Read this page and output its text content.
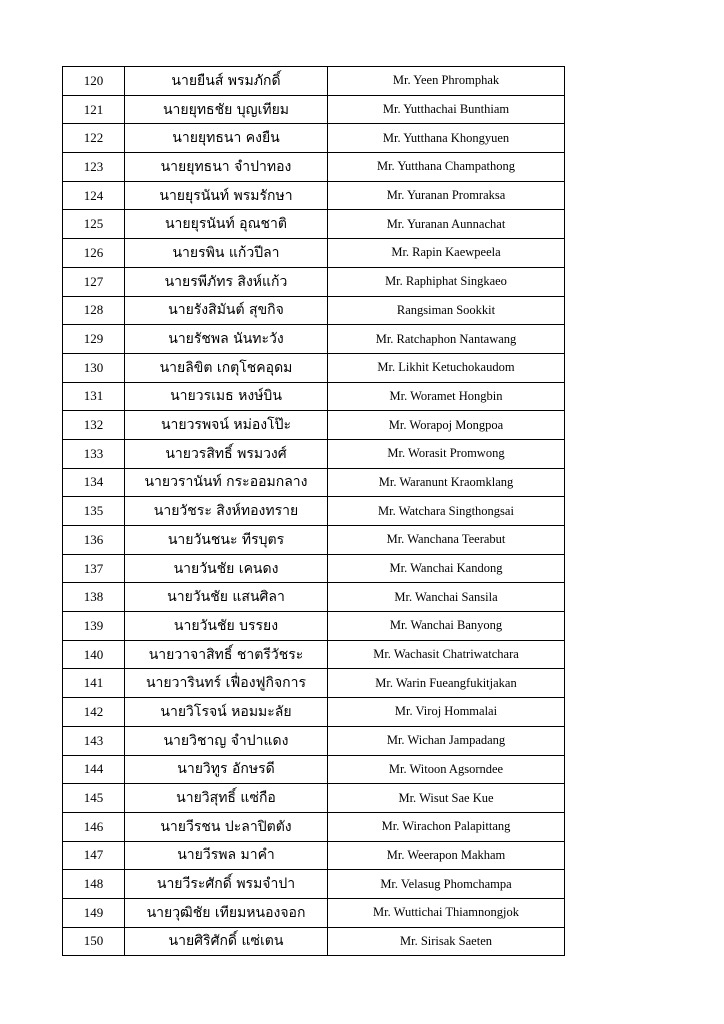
120	นายยืนส์ พรมภักดิ์	Mr. Yeen Phromphak
121	นายยุทธชัย บุญเทียม	Mr. Yutthachai Bunthiam
122	นายยุทธนา คงยืน	Mr. Yutthana Khongyuen
123	นายยุทธนา จำปาทอง	Mr. Yutthana Champathong
124	นายยุรนันท์ พรมรักษา	Mr. Yuranan Promraksa
125	นายยุรนันท์ อุณชาติ	Mr. Yuranan Aunnachat
126	นายรพิน แก้วปีลา	Mr. Rapin Kaewpeela
127	นายรพีภัทร สิงห์แก้ว	Mr. Raphiphat Singkaeo
128	นายรังสิมันต์ สุขกิจ	Rangsiman Sookkit
129	นายรัชพล นันทะวัง	Mr. Ratchaphon Nantawang
130	นายลิขิต เกตุโชคอุดม	Mr. Likhit Ketuchokaudom
131	นายวรเมธ หงษ์บิน	Mr. Woramet Hongbin
132	นายวรพจน์ หม่องโป๊ะ	Mr. Worapoj Mongpoa
133	นายวรสิทธิ์ พรมวงศ์	Mr. Worasit Promwong
134	นายวรานันท์ กระออมกลาง	Mr. Waranunt Kraomklang
135	นายวัชระ สิงห์ทองทราย	Mr. Watchara Singthongsai
136	นายวันชนะ ทีรบุตร	Mr. Wanchana Teerabut
137	นายวันชัย เคนดง	Mr. Wanchai Kandong
138	นายวันชัย แสนศิลา	Mr. Wanchai Sansila
139	นายวันชัย บรรยง	Mr. Wanchai Banyong
140	นายวาจาสิทธิ์ ชาตรีวัชระ	Mr. Wachasit Chatriwatchara
141	นายวารินทร์ เฟื่องฟูกิจการ	Mr. Warin Fueangfukitjakan
142	นายวิโรจน์ หอมมะลัย	Mr. Viroj Hommalai
143	นายวิชาญ จำปาแดง	Mr. Wichan Jampadang
144	นายวิทูร อักษรดี	Mr. Witoon Agsorndee
145	นายวิสุทธิ์ แซ่กือ	Mr. Wisut Sae Kue
146	นายวีรชน ปะลาปิตตัง	Mr. Wirachon Palapittang
147	นายวีรพล มาคำ	Mr. Weerapon Makham
148	นายวีระศักดิ์ พรมจำปา	Mr. Velasug Phomchampa
149	นายวุฒิชัย เทียมหนองจอก	Mr. Wuttichai Thiamnongjok
150	นายศิริศักดิ์ แซ่เตน	Mr. Sirisak Saeten
